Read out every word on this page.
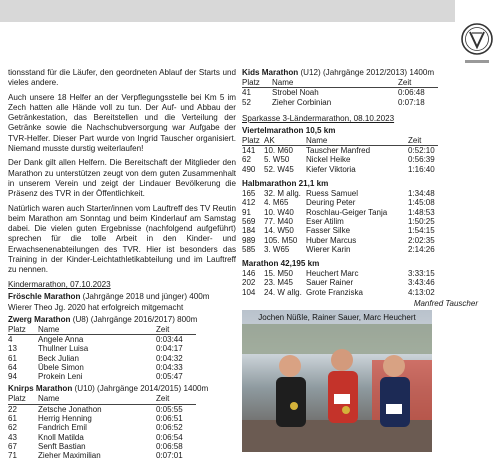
tionsstand für die Läufer, den geordneten Ablauf der Starts und vieles andere.

Auch unsere 18 Helfer an der Verpflegungsstelle bei Km 5 im Zech hatten alle Hände voll zu tun. Der Auf- und Abbau der Getränkestation, das Bereitstellen und die Verteilung der Getränke sowie die Nachschubversorgung war Aufgabe der TVR-Helfer. Dieser Part wurde von Ingrid Tauscher organisiert. Niemand musste durstig weiterlaufen!

Der Dank gilt allen Helfern. Die Bereitschaft der Mitglieder den Marathon zu unterstützen zeugt von dem guten Zusammenhalt in unserem Verein und zeigt der Lindauer Bevölkerung die Präsenz des TVR in der Öffentlichkeit.

Natürlich waren auch Starter/innen vom Lauftreff des TV Reutin beim Marathon am Sonntag und beim Kinderlauf am Samstag dabei. Die vielen guten Ergebnisse (nachfolgend aufgeführt) sprechen für die tolle Arbeit in den Kinder- und Erwachsenenabteilungen des TVR. Hier ist besonders das Training in der Kinder-Leichtathletikabteilung und im Lauftreff zu nennen.

Kindermarathon, 07.10.2023
Fröschle Marathon (Jahrgänge 2018 und jünger) 400m
Wierer Theo Jg. 2020 hat erfolgreich mitgemacht
Zwerg Marathon (U8) (Jahrgänge 2016/2017) 800m
Platz	Name	Zeit
4	Angele Anna	0:03:44
13	Thullner Luisa	0:04:17
61	Beck Julian	0:04:32
64	Übele Simon	0:04:33
94	Prokein Leni	0:05:47
Knirps Marathon (U10) (Jahrgänge 2014/2015) 1400m
Platz	Name	Zeit
22	Zetsche Jonathon	0:05:55
61	Herrig Henning	0:06:51
62	Fandrich Emil	0:06:52
43	Knoll Matilda	0:06:54
67	Senft Bastian	0:06:58
71	Zieher Maximilian	0:07:01
Kids Marathon (U12) (Jahrgänge 2012/2013) 1400m
Platz	Name	Zeit
41	Strobel Noah	0:06:48
52	Zieher Corbinian	0:07:18
Sparkasse 3-Ländermarathon, 08.10.2023
Viertelmarathon 10,5 km
Platz	AK	Name	Zeit
141	10. M60	Tauscher Manfred	0:52:10
62	5. W50	Nickel Heike	0:56:39
490	52. W45	Kiefer Viktoria	1:16:40
Halbmarathon 21,1 km
165	32. M allg.	Ruess Samuel	1:34:48
412	4. M65	Deuring Peter	1:45:08
91	10. W40	Roschlau-Geiger Tanja	1:48:53
569	77. M40	Eser Atilim	1:50:25
184	14. W50	Fasser Silke	1:54:15
989	105. M50	Huber Marcus	2:02:35
585	3. W65	Wierer Karin	2:14:26
Marathon 42,195 km
146	15. M50	Heuchert Marc	3:33:15
202	23. M45	Sauer Rainer	3:43:46
104	24. W allg.	Grote Franziska	4:13:02
Manfred Tauscher
Jochen Nüßle, Rainer Sauer, Marc Heuchert
